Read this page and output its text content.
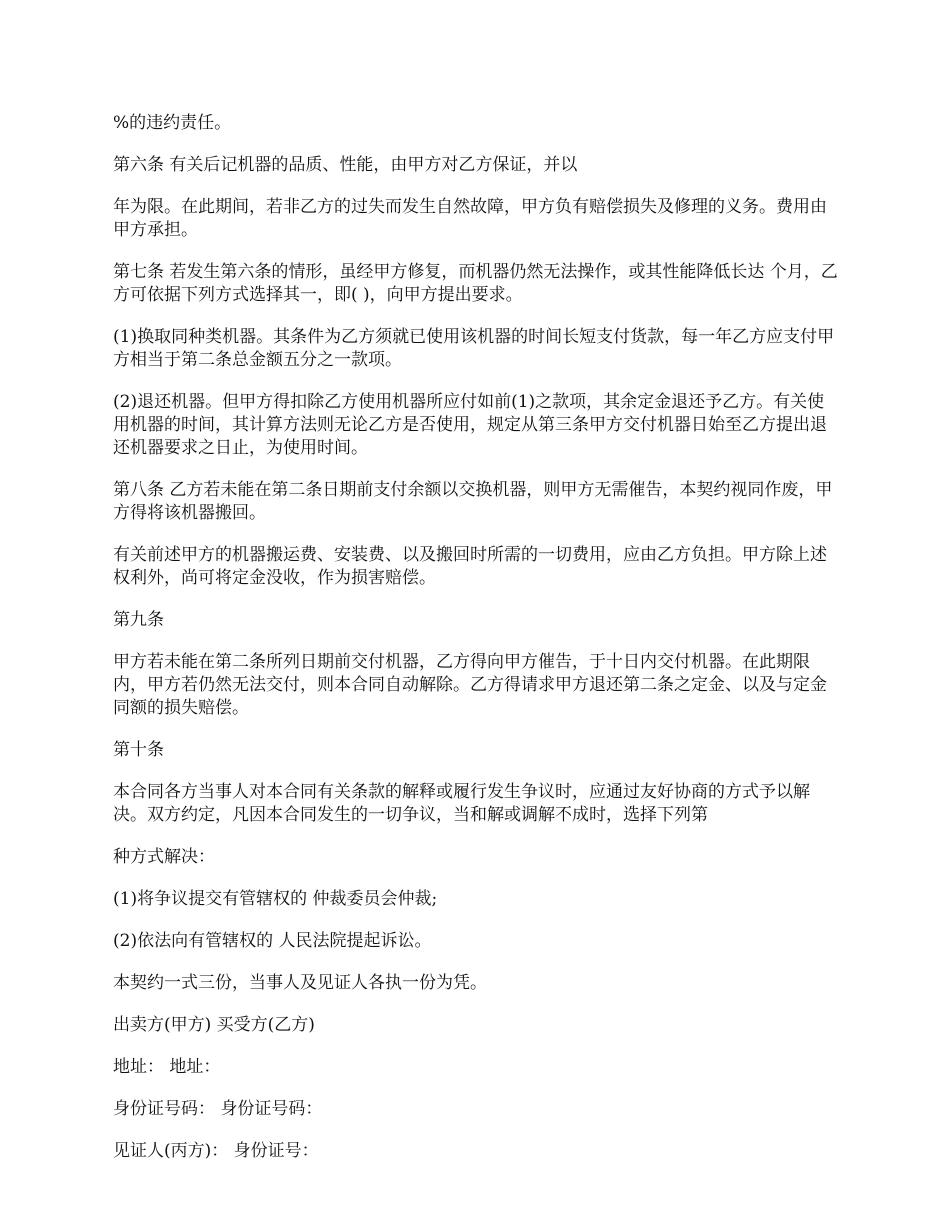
%的违约责任。

第六条 有关后记机器的品质、性能，由甲方对乙方保证，并以

年为限。在此期间，若非乙方的过失而发生自然故障，甲方负有赔偿损失及修理的义务。费用由甲方承担。

第七条 若发生第六条的情形，虽经甲方修复，而机器仍然无法操作，或其性能降低长达 个月，乙方可依据下列方式选择其一，即( )，向甲方提出要求。

(1)换取同种类机器。其条件为乙方须就已使用该机器的时间长短支付货款，每一年乙方应支付甲方相当于第二条总金额五分之一款项。

(2)退还机器。但甲方得扣除乙方使用机器所应付如前(1)之款项，其余定金退还予乙方。有关使用机器的时间，其计算方法则无论乙方是否使用，规定从第三条甲方交付机器日始至乙方提出退还机器要求之日止，为使用时间。

第八条 乙方若未能在第二条日期前支付余额以交换机器，则甲方无需催告，本契约视同作废，甲方得将该机器搬回。

有关前述甲方的机器搬运费、安装费、以及搬回时所需的一切费用，应由乙方负担。甲方除上述权利外，尚可将定金没收，作为损害赔偿。

第九条

甲方若未能在第二条所列日期前交付机器，乙方得向甲方催告，于十日内交付机器。在此期限内，甲方若仍然无法交付，则本合同自动解除。乙方得请求甲方退还第二条之定金、以及与定金同额的损失赔偿。

第十条

本合同各方当事人对本合同有关条款的解释或履行发生争议时，应通过友好协商的方式予以解决。双方约定，凡因本合同发生的一切争议，当和解或调解不成时，选择下列第

种方式解决：

(1)将争议提交有管辖权的 仲裁委员会仲裁;

(2)依法向有管辖权的 人民法院提起诉讼。

本契约一式三份，当事人及见证人各执一份为凭。

出卖方(甲方) 买受方(乙方)

地址： 地址：

身份证号码： 身份证号码：

见证人(丙方)： 身份证号：
